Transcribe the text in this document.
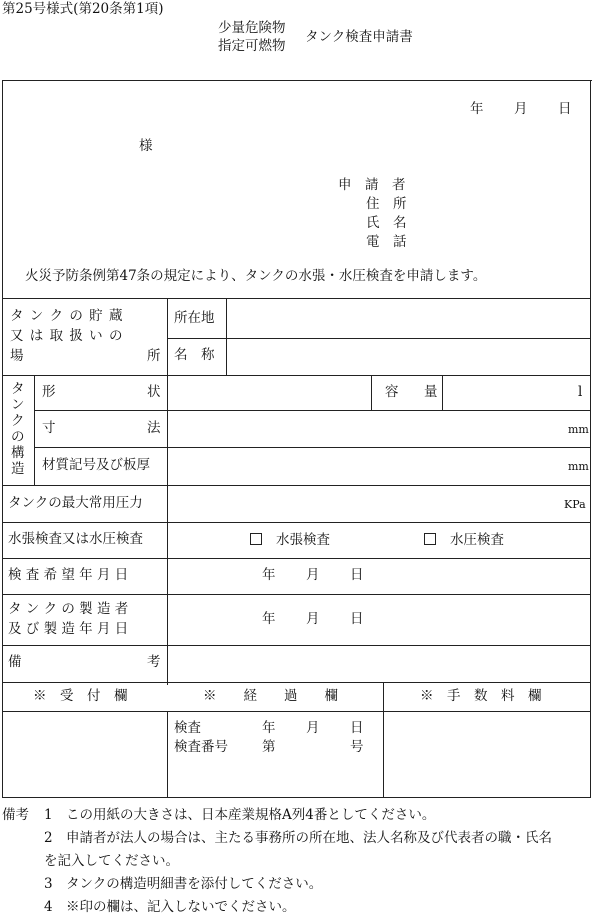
第25号様式(第20条第1項)
少量危険物
指定可燃物
タンク検査申請書
年 月 日
様
申　請　者
住　所
氏　名
電　話
火災予防条例第47条の規定により、タンクの水張・水圧検査を申請します。
タ ン ク の 貯 蔵
又 は 取 扱 い の
場	所
所在地
名　称
タ
ン
ク
の
構
造
形	状	容 量	l
寸	法	mm
材質記号及び板厚	mm
タンクの最大常用圧力	KPa
水張検査又は水圧検査	水張検査	水圧検査
検 査 希 望 年 月 日	年 月 日
タ ン ク の 製 造 者
及 び 製 造 年 月 日
年 月 日
備	考
※　受　付　欄	※　　経　　過　　欄	※　手　数　料　欄
検査	年 月 日
検査番号	第	号
備考 1 この用紙の大きさは、日本産業規格A列4番としてください。
2 申請者が法人の場合は、主たる事務所の所在地、法人名称及び代表者の職・氏名
を記入してください。
3 タンクの構造明細書を添付してください。
4 ※印の欄は、記入しないでください。
